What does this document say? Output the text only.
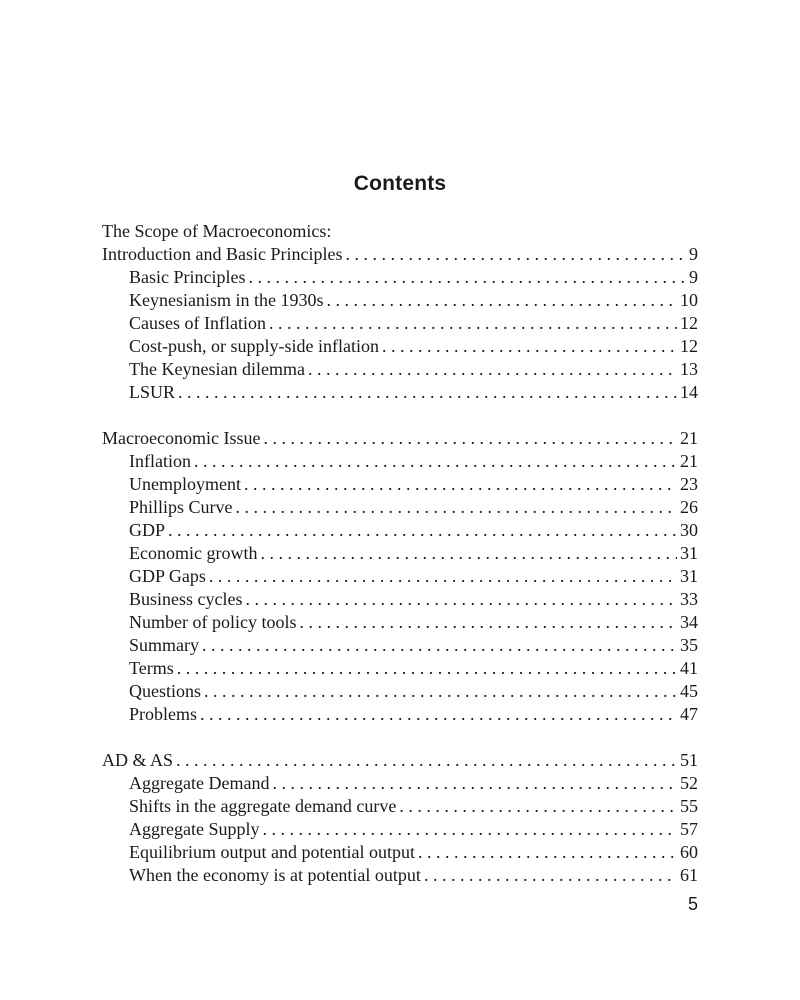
Contents
The Scope of Macroeconomics:
Introduction and Basic Principles . . .	9
Basic Principles . . .	9
Keynesianism in the 1930s . . .	10
Causes of Inflation . . .	12
Cost-push, or supply-side inflation . . .	12
The Keynesian dilemma . . .	13
LSUR . . .	14
Macroeconomic Issue . . .	21
Inflation . . .	21
Unemployment . . .	23
Phillips Curve . . .	26
GDP . . .	30
Economic growth . . .	31
GDP Gaps . . .	31
Business cycles . . .	33
Number of policy tools . . .	34
Summary . . .	35
Terms . . .	41
Questions . . .	45
Problems . . .	47
AD & AS . . .	51
Aggregate Demand . . .	52
Shifts in the aggregate demand curve . . .	55
Aggregate Supply . . .	57
Equilibrium output and potential output . . .	60
When the economy is at potential output . . .	61
5
